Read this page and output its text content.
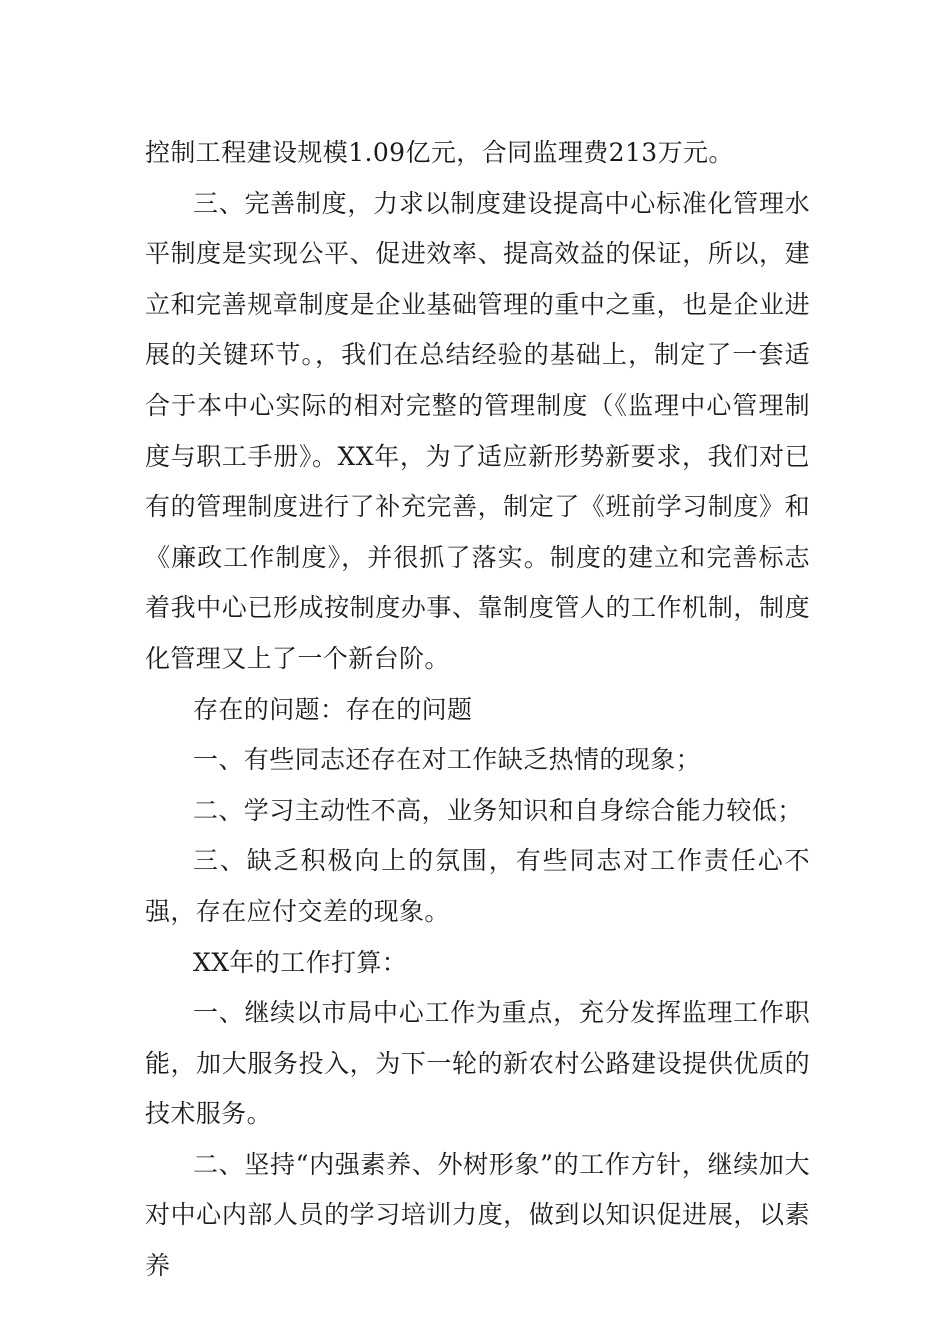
控制工程建设规模1.09亿元，合同监理费213万元。

三、完善制度，力求以制度建设提高中心标准化管理水平制度是实现公平、促进效率、提高效益的保证，所以，建立和完善规章制度是企业基础管理的重中之重，也是企业进展的关键环节。，我们在总结经验的基础上，制定了一套适合于本中心实际的相对完整的管理制度（《监理中心管理制度与职工手册》。XX年，为了适应新形势新要求，我们对已有的管理制度进行了补充完善，制定了《班前学习制度》和《廉政工作制度》，并很抓了落实。制度的建立和完善标志着我中心已形成按制度办事、靠制度管人的工作机制，制度化管理又上了一个新台阶。

存在的问题：存在的问题

一、有些同志还存在对工作缺乏热情的现象；

二、学习主动性不高，业务知识和自身综合能力较低；

三、缺乏积极向上的氛围，有些同志对工作责任心不强，存在应付交差的现象。

XX年的工作打算：

一、继续以市局中心工作为重点，充分发挥监理工作职能，加大服务投入，为下一轮的新农村公路建设提供优质的技术服务。

二、坚持“内强素养、外树形象”的工作方针，继续加大对中心内部人员的学习培训力度，做到以知识促进展，以素养
